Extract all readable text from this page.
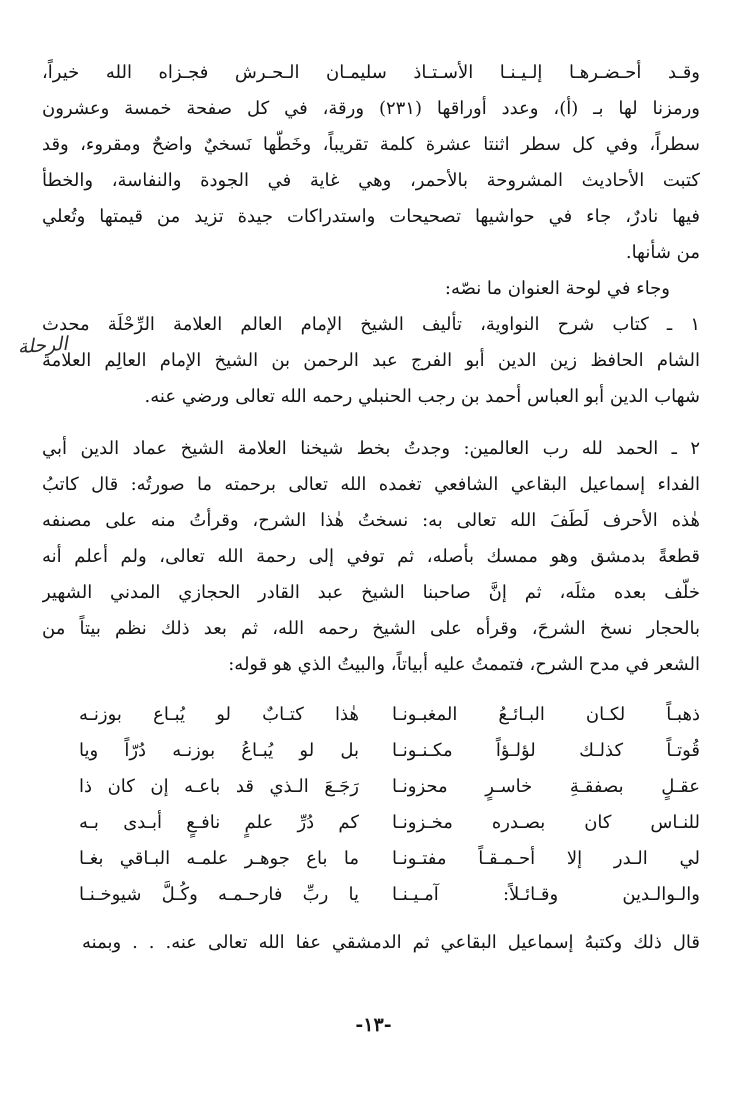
وقـد أحـضـرهـا إلـيـنـا الأسـتـاذ سليمـان الـحـرش فجـزاه الله خيراً،
ورمزنا لها بـ (أ)، وعدد أوراقها (٢٣١) ورقة، في كل صفحة خمسة وعشرون
سطراً، وفي كل سطر اثنتا عشرة كلمة تقريباً، وخَطُّها نَسخيٌ واضحٌ ومقروء، وقد
كتبت الأحاديث المشروحة بالأحمر، وهي غاية في الجودة والنفاسة، والخطأ
فيها نادرٌ، جاء في حواشيها تصحيحات واستدراكات جيدة تزيد من قيمتها وتُعلي
من شأنها.
وجاء في لوحة العنوان ما نصّه:
١ ـ كتاب شرح النواوية، تأليف الشيخ الإمام العالم العلامة الرِّحْلَة محدث
الشام الحافظ زين الدين أبو الفرج عبد الرحمن بن الشيخ الإمام العالِم العلامة
شهاب الدين أبو العباس أحمد بن رجب الحنبلي رحمه الله تعالى ورضي عنه.
الرحلة
٢ ـ الحمد لله رب العالمين: وجدتُ بخط شيخنا العلامة الشيخ عماد الدين أبي
الفداء إسماعيل البقاعي الشافعي تغمده الله تعالى برحمته ما صورتُه: قال كاتبُ
هٰذه الأحرف لَطَفَ الله تعالى به: نسختُ هٰذا الشرح، وقرأتُ منه على مصنفه
قطعةً بدمشق وهو ممسك بأصله، ثم توفي إلى رحمة الله تعالى، ولم أعلم أنه
خلَّف بعده مثلَه، ثم إنَّ صاحبنا الشيخ عبد القادر الحجازي المدني الشهير
بالحجار نسخ الشرحَ، وقرأه على الشيخ رحمه الله، ثم بعد ذلك نظم بيتاً من
الشعر في مدح الشرح، فتممتُ عليه أبياتاً، والبيتُ الذي هو قوله:
هٰذا كتـابٌ لو يُبـاع بوزنـه ذهبـاً لكـان البـائـعُ المغبـونـا
بل لو يُبـاعُ بوزنـه دُرّاً ويا قُوتـاً كذلـك لؤلـؤاً مكـنـونـا
رَجَـعَ الـذي قد باعـه إن كان ذا عقـلٍ بصفقـةِ خاسـرٍ محزونـا
كم دُرِّ علمٍ نافـعٍ أبـدى بـه للنـاس كان بصـدره مخـزونـا
ما باع جوهـر علمـه البـاقي بغـا لي الـدر إلا أحـمـقـاً مفتـونـا
يا ربِّ فارحـمـه وكُـلَّ شيوخـنـا والـوالـدين وقـائـلاً: آمـيـنـا
قال ذلك وكتبهُ إسماعيل البقاعي ثم الدمشقي عفا الله تعالى عنه. . . وبمنه
-١٣-
